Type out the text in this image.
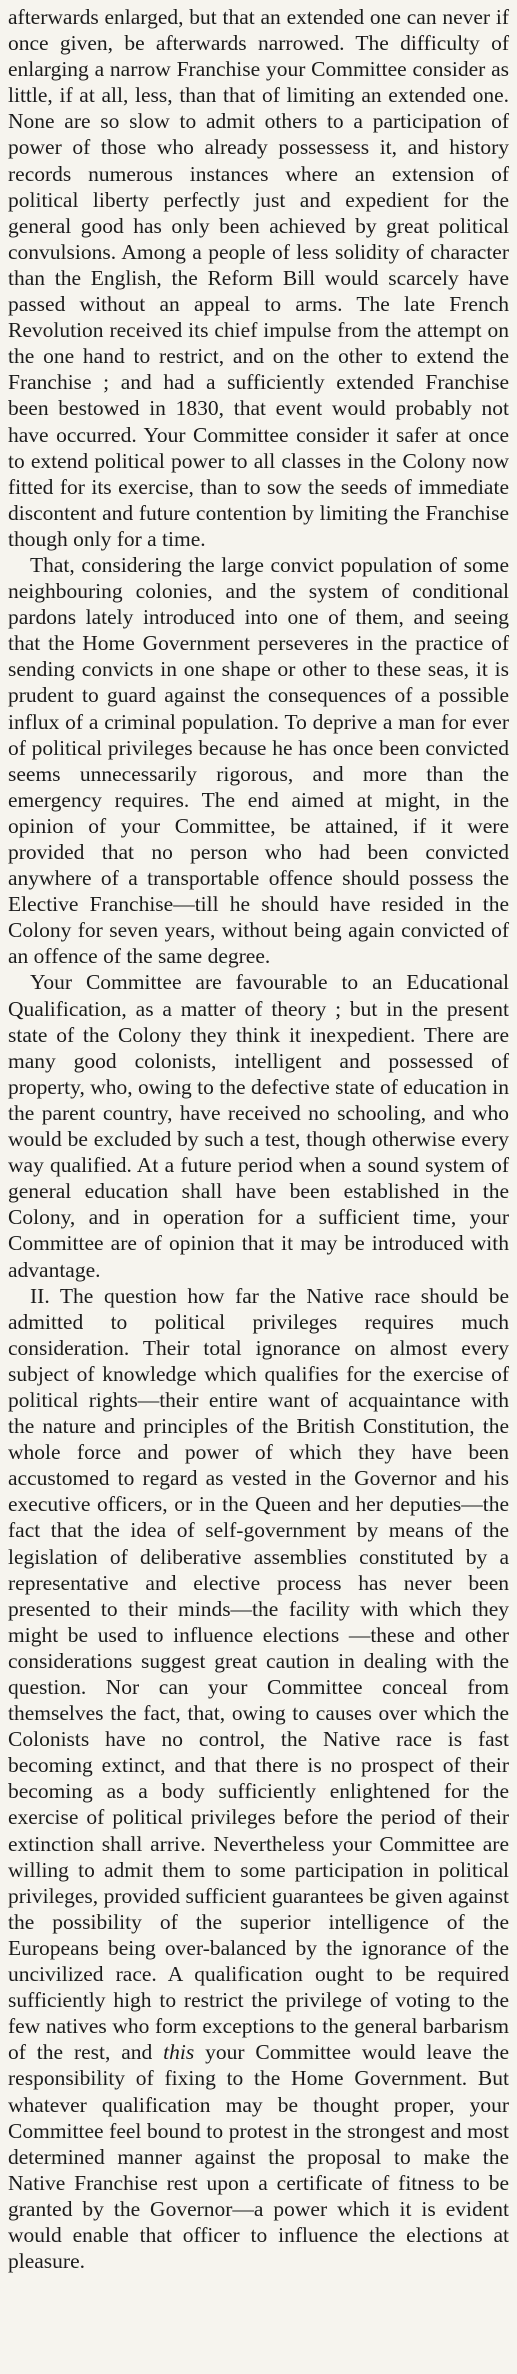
afterwards enlarged, but that an extended one can never if once given, be afterwards narrowed. The difficulty of enlarging a narrow Franchise your Committee consider as little, if at all, less, than that of limiting an extended one. None are so slow to admit others to a participation of power of those who already possessess it, and history records numerous instances where an extension of political liberty perfectly just and expedient for the general good has only been achieved by great political convulsions. Among a people of less solidity of character than the English, the Reform Bill would scarcely have passed without an appeal to arms. The late French Revolution received its chief impulse from the attempt on the one hand to restrict, and on the other to extend the Franchise ; and had a sufficiently extended Franchise been bestowed in 1830, that event would probably not have occurred. Your Committee consider it safer at once to extend political power to all classes in the Colony now fitted for its exercise, than to sow the seeds of immediate discontent and future contention by limiting the Franchise though only for a time.

That, considering the large convict population of some neighbouring colonies, and the system of conditional pardons lately introduced into one of them, and seeing that the Home Government perseveres in the practice of sending convicts in one shape or other to these seas, it is prudent to guard against the consequences of a possible influx of a criminal population. To deprive a man for ever of political privileges because he has once been convicted seems unnecessarily rigorous, and more than the emergency requires. The end aimed at might, in the opinion of your Committee, be attained, if it were provided that no person who had been convicted anywhere of a transportable offence should possess the Elective Franchise—till he should have resided in the Colony for seven years, without being again convicted of an offence of the same degree.

Your Committee are favourable to an Educational Qualification, as a matter of theory ; but in the present state of the Colony they think it inexpedient. There are many good colonists, intelligent and possessed of property, who, owing to the defective state of education in the parent country, have received no schooling, and who would be excluded by such a test, though otherwise every way qualified. At a future period when a sound system of general education shall have been established in the Colony, and in operation for a sufficient time, your Committee are of opinion that it may be introduced with advantage.

II. The question how far the Native race should be admitted to political privileges requires much consideration. Their total ignorance on almost every subject of knowledge which qualifies for the exercise of political rights—their entire want of acquaintance with the nature and principles of the British Constitution, the whole force and power of which they have been accustomed to regard as vested in the Governor and his executive officers, or in the Queen and her deputies—the fact that the idea of self-government by means of the legislation of deliberative assemblies constituted by a representative and elective process has never been presented to their minds—the facility with which they might be used to influence elections —these and other considerations suggest great caution in dealing with the question. Nor can your Committee conceal from themselves the fact, that, owing to causes over which the Colonists have no control, the Native race is fast becoming extinct, and that there is no prospect of their becoming as a body sufficiently enlightened for the exercise of political privileges before the period of their extinction shall arrive. Nevertheless your Committee are willing to admit them to some participation in political privileges, provided sufficient guarantees be given against the possibility of the superior intelligence of the Europeans being over-balanced by the ignorance of the uncivilized race. A qualification ought to be required sufficiently high to restrict the privilege of voting to the few natives who form exceptions to the general barbarism of the rest, and this your Committee would leave the responsibility of fixing to the Home Government. But whatever qualification may be thought proper, your Committee feel bound to protest in the strongest and most determined manner against the proposal to make the Native Franchise rest upon a certificate of fitness to be granted by the Governor—a power which it is evident would enable that officer to influence the elections at pleasure.
